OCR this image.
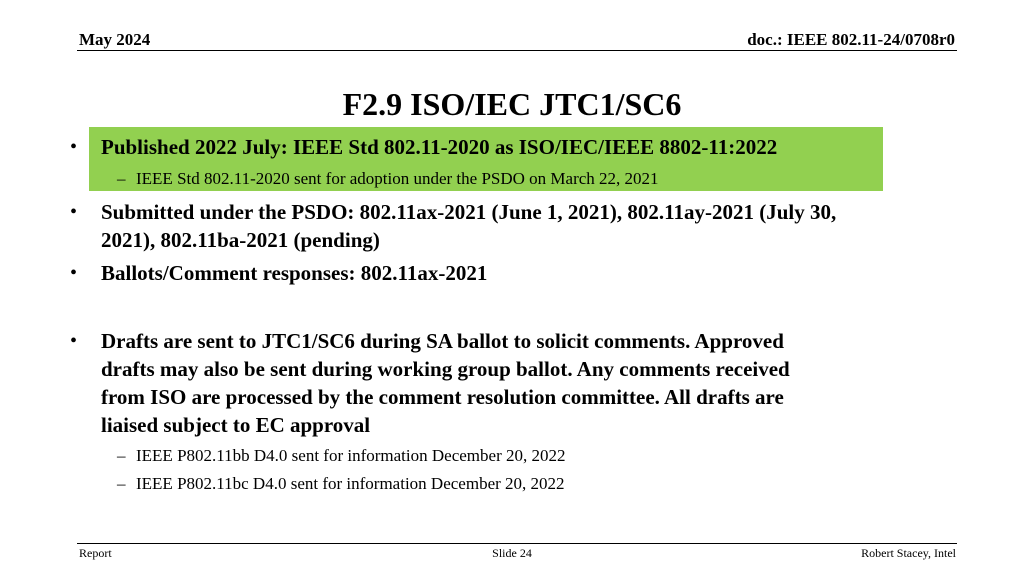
May 2024	doc.: IEEE 802.11-24/0708r0
F2.9 ISO/IEC JTC1/SC6
• Published 2022 July: IEEE Std 802.11-2020 as ISO/IEC/IEEE 8802-11:2022
– IEEE Std 802.11-2020 sent for adoption under the PSDO on March 22, 2021
• Submitted under the PSDO: 802.11ax-2021 (June 1, 2021), 802.11ay-2021 (July 30,
2021), 802.11ba-2021 (pending)
• Ballots/Comment responses: 802.11ax-2021
• Drafts are sent to JTC1/SC6 during SA ballot to solicit comments. Approved
drafts may also be sent during working group ballot. Any comments received
from ISO are processed by the comment resolution committee. All drafts are
liaised subject to EC approval
– IEEE P802.11bb D4.0 sent for information December 20, 2022
– IEEE P802.11bc D4.0 sent for information December 20, 2022
Report	Slide 24	Robert Stacey, Intel
